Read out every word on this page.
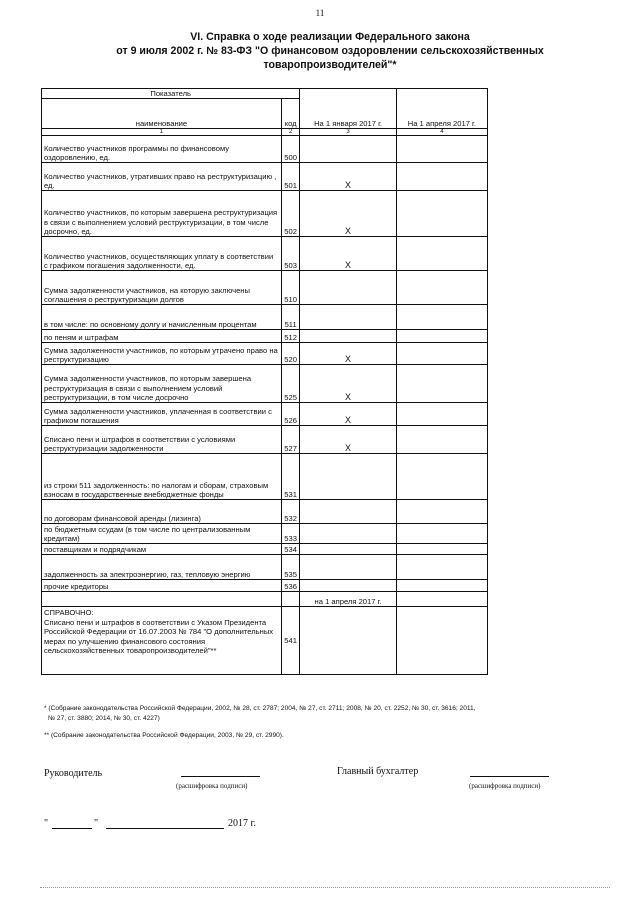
11
VI. Справка о ходе реализации Федерального закона
от 9 июля 2002 г. № 83-ФЗ "О финансовом оздоровлении сельскохозяйственных
товаропроизводителей"*
Показатель		На 1 января 2017 г.	На 1 апреля 2017 г.
наименование	код		
1	2	3	4
Количество участников программы по финансовому оздоровлению, ед.	500		
Количество участников, утративших право на реструктуризацию , ед.	501	X	
Количество участников, по которым завершена реструктуризация в связи с выполнением условий реструктуризации, в том числе досрочно, ед.	502	X	
Количество участников, осуществляющих уплату в соответствии с графиком погашения задолженности, ед.	503	X	
Сумма задолженности участников, на которую заключены соглашения о реструктуризации долгов	510		
в том числе: по основному долгу и начисленным процентам	511		
по пеням и штрафам	512		
Сумма задолженности участников, по которым утрачено право на реструктуризацию	520	X	
Сумма задолженности участников, по которым завершена реструктуризация в связи с выполнением условий реструктуризации, в том числе досрочно	525	X	
Сумма задолженности участников, уплаченная в соответствии с графиком погашения	526	X	
Списано пени и штрафов в соответствии с условиями реструктуризации задолженности	527	X	
из строки 511 задолженность: по налогам и сборам, страховым взносам в государственные внебюджетные фонды	531		
по договорам финансовой аренды (лизинга)	532		
по бюджетным ссудам (в том числе по централизованным кредитам)	533		
поставщикам и подрядчикам	534		
задолженность за электроэнергию, газ, тепловую энергию	535		
прочие кредиторы	536		
		на 1 апреля 2017 г.	

СПРАВОЧНО:
Списано пени и штрафов в соответствии с Указом Президента Российской Федерации от 16.07.2003 № 784 "О дополнительных мерах по улучшению финансового состояния сельскохозяйственных товаропроизводителей"**	541		
* (Собрание законодательства Российской Федерации, 2002, № 28, ст. 2787; 2004, № 27, ст. 2711; 2008, № 20, ст. 2252, № 30, ст. 3616; 2011,
№ 27, ст. 3880; 2014, № 30, ст. 4227)
** (Собрание законодательства Российской Федерации, 2003, № 29, ст. 2990).
Руководитель
(расшифровка подписи)
Главный бухгалтер
(расшифровка подписи)
"	"	2017 г.
